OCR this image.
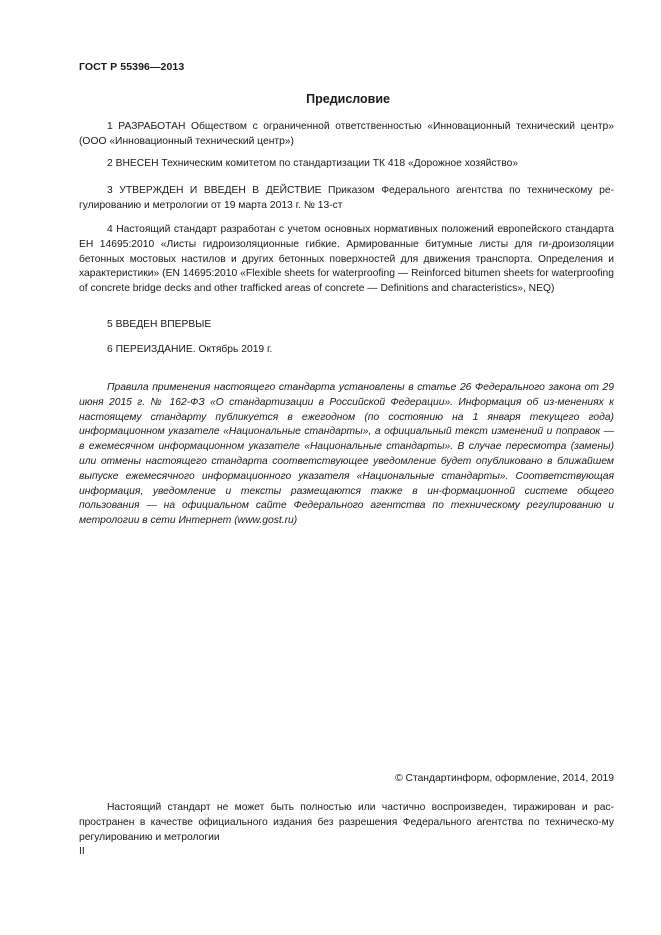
ГОСТ Р 55396—2013
Предисловие
1 РАЗРАБОТАН Обществом с ограниченной ответственностью «Инновационный технический центр» (ООО «Инновационный технический центр»)
2 ВНЕСЕН Техническим комитетом по стандартизации ТК 418 «Дорожное хозяйство»
3 УТВЕРЖДЕН И ВВЕДЕН В ДЕЙСТВИЕ Приказом Федерального агентства по техническому ре-гулированию и метрологии от 19 марта 2013 г. № 13-ст
4 Настоящий стандарт разработан с учетом основных нормативных положений европейского стандарта ЕН 14695:2010 «Листы гидроизоляционные гибкие. Армированные битумные листы для ги-дроизоляции бетонных мостовых настилов и других бетонных поверхностей для движения транспорта. Определения и характеристики» (EN 14695:2010 «Flexible sheets for waterproofing — Reinforced bitumen sheets for waterproofing of concrete bridge decks and other trafficked areas of concrete — Definitions and characteristics», NEQ)
5 ВВЕДЕН ВПЕРВЫЕ
6 ПЕРЕИЗДАНИЕ. Октябрь 2019 г.
Правила применения настоящего стандарта установлены в статье 26 Федерального закона от 29 июня 2015 г. № 162-ФЗ «О стандартизации в Российской Федерации». Информация об из-менениях к настоящему стандарту публикуется в ежегодном (по состоянию на 1 января текущего года) информационном указателе «Национальные стандарты», а официальный текст изменений и поправок — в ежемесячном информационном указателе «Национальные стандарты». В случае пересмотра (замены) или отмены настоящего стандарта соответствующее уведомление будет опубликовано в ближайшем выпуске ежемесячного информационного указателя «Национальные стандарты». Соответствующая информация, уведомление и тексты размещаются также в ин-формационной системе общего пользования — на официальном сайте Федерального агентства по техническому регулированию и метрологии в сети Интернет (www.gost.ru)
© Стандартинформ, оформление, 2014, 2019
Настоящий стандарт не может быть полностью или частично воспроизведен, тиражирован и рас-пространен в качестве официального издания без разрешения Федерального агентства по техническо-му регулированию и метрологии
II
